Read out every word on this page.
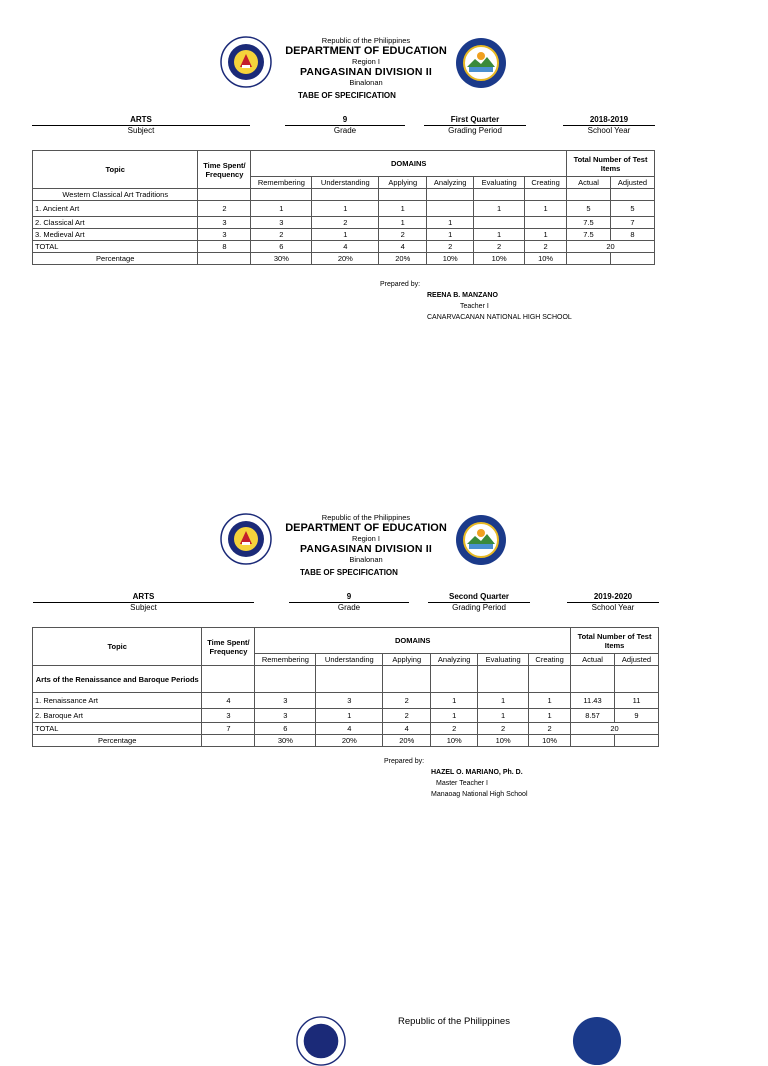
Republic of the Philippines
DEPARTMENT OF EDUCATION
Region I
PANGASINAN DIVISION II
Binalonan
TABE OF SPECIFICATION
ARTS
Subject
9
Grade
First Quarter
Grading Period
2018-2019
School Year
Topic	Time Spent/ Frequency	DOMAINS						Total Number of Test Items	
		Remembering	Understanding	Applying	Analyzing	Evaluating	Creating	Actual	Adjusted
Western Classical Art Traditions									
1. Ancient Art	2	1	1	1		1	1	5	5
2. Classical Art	3	3	2	1	1			7.5	7
3. Medieval Art	3	2	1	2	1	1	1	7.5	8
TOTAL	8	6	4	4	2	2	2	20	
Percentage		30%	20%	20%	10%	10%	10%		
Prepared by:
REENA B. MANZANO
Teacher I
CANARVACANAN NATIONAL HIGH SCHOOL
Republic of the Philippines
DEPARTMENT OF EDUCATION
Region I
PANGASINAN DIVISION II
Binalonan
TABE OF SPECIFICATION
ARTS
Subject
9
Grade
Second Quarter
Grading Period
2019-2020
School Year
Topic	Time Spent/ Frequency	DOMAINS						Total Number of Test Items	
		Remembering	Understanding	Applying	Analyzing	Evaluating	Creating	Actual	Adjusted
Arts of the Renaissance and Baroque Periods									
1. Renaissance Art	4	3	3	2	1	1	1	11.43	11
2. Baroque Art	3	3	1	2	1	1	1	8.57	9
TOTAL	7	6	4	4	2	2	2	20	
Percentage		30%	20%	20%	10%	10%	10%		
Prepared by:
HAZEL O. MARIANO, Ph. D.
Master Teacher I
Manaoag National High School
Republic of the Philippines
